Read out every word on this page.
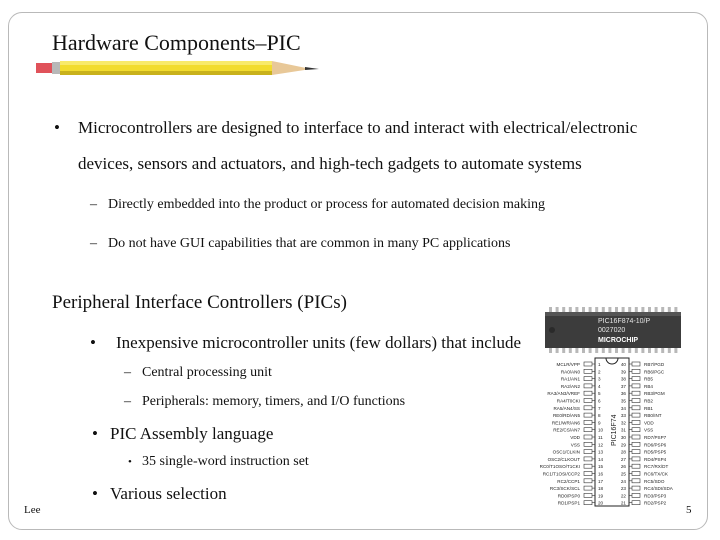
Hardware Components–PIC
• Microcontrollers are designed to interface to and interact with electrical/electronic
devices, sensors and actuators, and high-tech gadgets to automate systems
– Directly embedded into the product or process for automated decision making
– Do not have GUI capabilities that are common in many PC applications
Peripheral Interface Controllers (PICs)
• Inexpensive microcontroller units (few dollars) that include
– Central processing unit
– Peripherals: memory, timers, and I/O functions
• PIC Assembly language
• 35 single-word instruction set
• Various selection
Lee	5
PIC16F874-10/P
0027020
MICROCHIP
PIC16F74
MCLR/VPP	1	40	RB7/PGD
RA0/AN0	2	39	RB6/PGC
RA1/AN1	3	38	RB5
RA2/AN2	4	37	RB4
RA3/AN3/VREF	5	36	RB3/PGM
RA4/T0CKI	6	35	RB2
RA5/AN4/SS	7	34	RB1
RE0/RD/AN5	8	33	RB0/INT
RE1/WR/AN6	9	32	VDD
RE2/CS/AN7	10	31	VSS
VDD	11	30	RD7/PSP7
VSS	12	29	RD6/PSP6
OSC1/CLKIN	13	28	RD5/PSP5
OSC2/CLKOUT	14	27	RD4/PSP4
RC0/T1OSO/T1CKI	15	26	RC7/RX/DT
RC1/T1OSI/CCP2	16	25	RC6/TX/CK
RC2/CCP1	17	24	RC5/SDO
RC3/SCK/SCL	18	23	RC4/SDI/SDA
RD0/PSP0	19	22	RD3/PSP3
RD1/PSP1	20	21	RD2/PSP2
